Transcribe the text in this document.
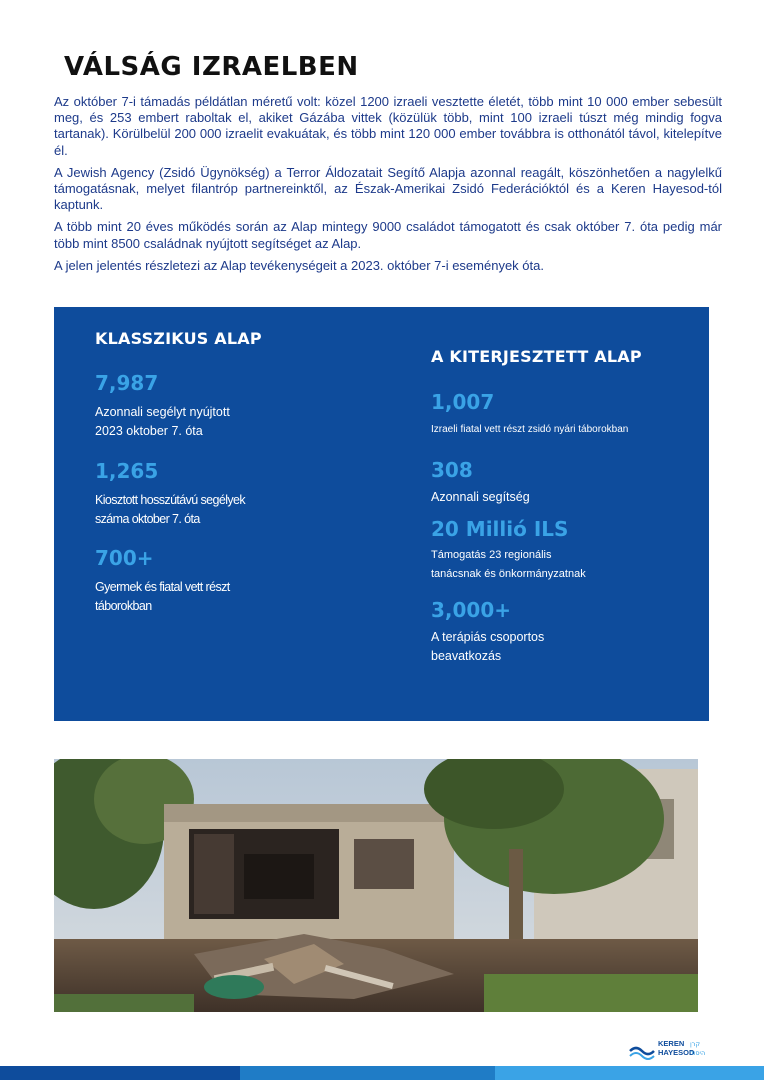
VÁLSÁG IZRAELBEN

Az október 7-i támadás példátlan méretű volt: közel 1200 izraeli vesztette életét, több mint 10 000 ember sebesült meg, és 253 embert raboltak el, akiket Gázába vittek (közülük több, mint 100 izraeli túszt még mindig fogva tartanak). Körülbelül 200 000 izraelit evakuátak, és több mint 120 000 ember továbbra is otthonától távol, kitelepítve él.

A Jewish Agency (Zsidó Ügynökség) a Terror Áldozatait Segítő Alapja azonnal reagált, köszönhetően a nagylelkű támogatásnak, melyet filantróp partnereinktől, az Észak-Amerikai Zsidó Federációktól és a Keren Hayesod-tól kaptunk.

A több mint 20 éves működés során az Alap mintegy 9000 családot támogatott és csak október 7. óta pedig már több mint 8500 családnak nyújtott segítséget az Alap.

A jelen jelentés részletezi az Alap tevékenységeit a 2023. október 7-i események óta.

KLASSZIKUS ALAP

7,987

Azonnali segélyt nyújtott

2023 oktober 7. óta

1,265

Kiosztott hosszútávú segélyek

száma oktober 7. óta

700+

Gyermek és fiatal vett részt

táborokban

A KITERJESZTETT ALAP

1,007

Izraeli fiatal vett részt zsidó nyári táborokban

308

Azonnali segítség

20 Millió ILS

Támogatás 23 regionális

tanácsnak és önkormányzatnak

3,000+

A terápiás csoportos

beavatkozás

KEREN
HAYESOD
קרן היסוד
